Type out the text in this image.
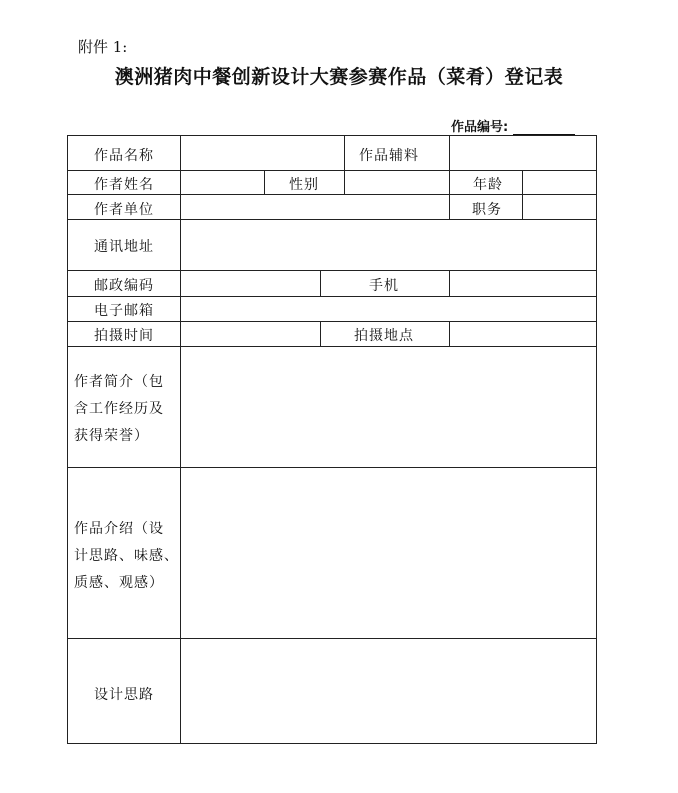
附件 1:
澳洲猪肉中餐创新设计大赛参赛作品（菜肴）登记表
作品编号:
作品名称	作品辅料
作者姓名	性别	年龄
作者单位	职务
通讯地址
邮政编码	手机
电子邮箱
拍摄时间	拍摄地点
作者简介（包
含工作经历及
获得荣誉）
作品介绍（设
计思路、味感、
质感、观感）
设计思路
